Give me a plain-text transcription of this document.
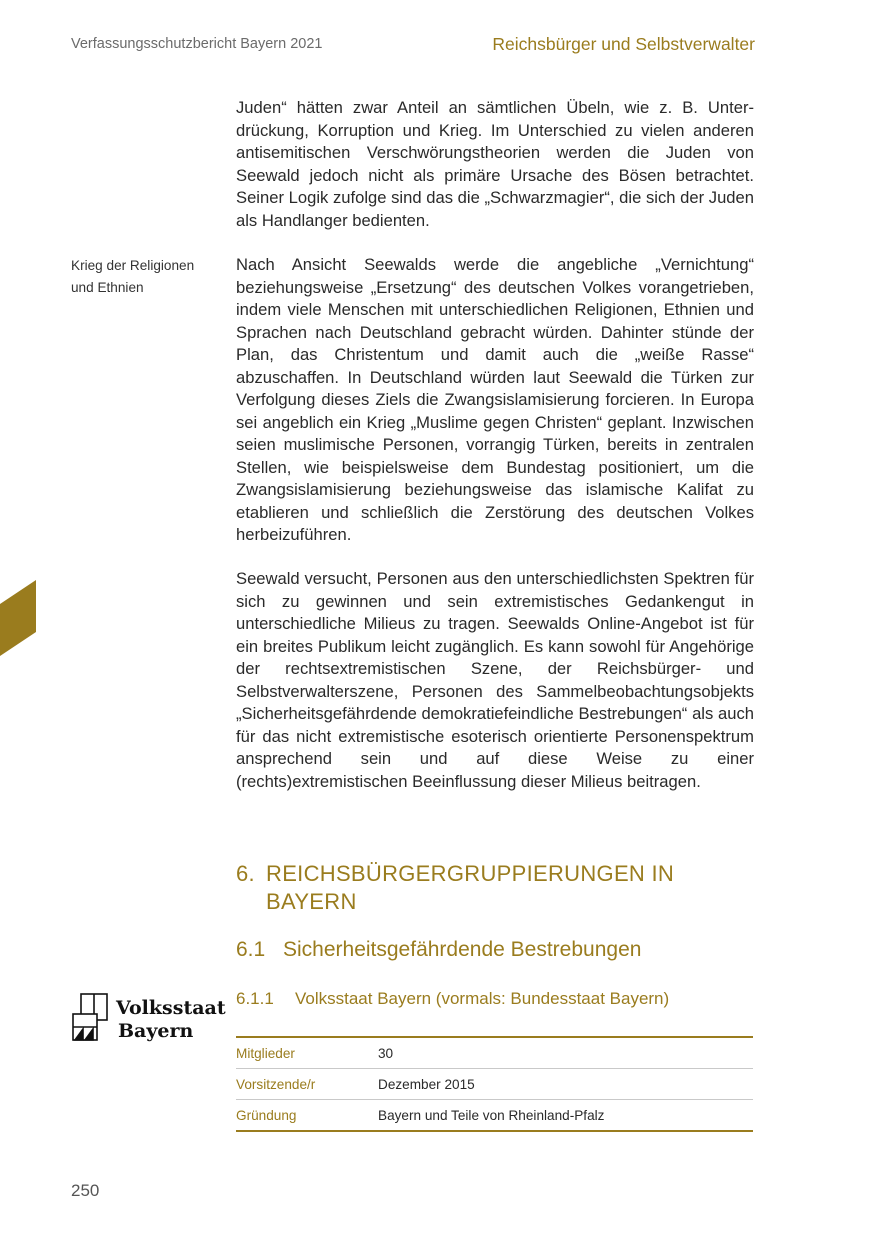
Verfassungsschutzbericht Bayern 2021	Reichsbürger und Selbstverwalter

Juden“ hätten zwar Anteil an sämtlichen Übeln, wie z. B. Unterdrückung, Korruption und Krieg. Im Unterschied zu vielen anderen antisemitischen Verschwörungstheorien werden die Juden von Seewald jedoch nicht als primäre Ursache des Bösen betrachtet. Seiner Logik zufolge sind das die „Schwarzmagier“, die sich der Juden als Handlanger bedienten.

Krieg der Religionen
und Ethnien

Nach Ansicht Seewalds werde die angebliche „Vernichtung“ beziehungsweise „Ersetzung“ des deutschen Volkes vorangetrieben, indem viele Menschen mit unterschiedlichen Religionen, Ethnien und Sprachen nach Deutschland gebracht würden. Dahinter stünde der Plan, das Christentum und damit auch die „weiße Rasse“ abzuschaffen. In Deutschland würden laut Seewald die Türken zur Verfolgung dieses Ziels die Zwangsislamisierung forcieren. In Europa sei angeblich ein Krieg „Muslime gegen Christen“ geplant. Inzwischen seien muslimische Personen, vorrangig Türken, bereits in zentralen Stellen, wie beispielsweise dem Bundestag positioniert, um die Zwangsislamisierung beziehungsweise das islamische Kalifat zu etablieren und schließlich die Zerstörung des deutschen Volkes herbeizuführen.

Seewald versucht, Personen aus den unterschiedlichsten Spektren für sich zu gewinnen und sein extremistisches Gedankengut in unterschiedliche Milieus zu tragen. Seewalds Online-Angebot ist für ein breites Publikum leicht zugänglich. Es kann sowohl für Angehörige der rechtsextremistischen Szene, der Reichsbürger- und Selbstverwalterszene, Personen des Sammelbeobachtungsobjekts „Sicherheitsgefährdende demokratiefeindliche Bestrebungen“ als auch für das nicht extremistische esoterisch orientierte Personenspektrum ansprechend sein und auf diese Weise zu einer (rechts)extremistischen Beeinflussung dieser Milieus beitragen.

6. REICHSBÜRGERGRUPPIERUNGEN IN
BAYERN
6.1 Sicherheitsgefährdende Bestrebungen
6.1.1 Volksstaat Bayern (vormals: Bundesstaat Bayern)
Volksstaat
Bayern
Mitglieder	30
Vorsitzende/r	Dezember 2015
Gründung	Bayern und Teile von Rheinland-Pfalz
250
